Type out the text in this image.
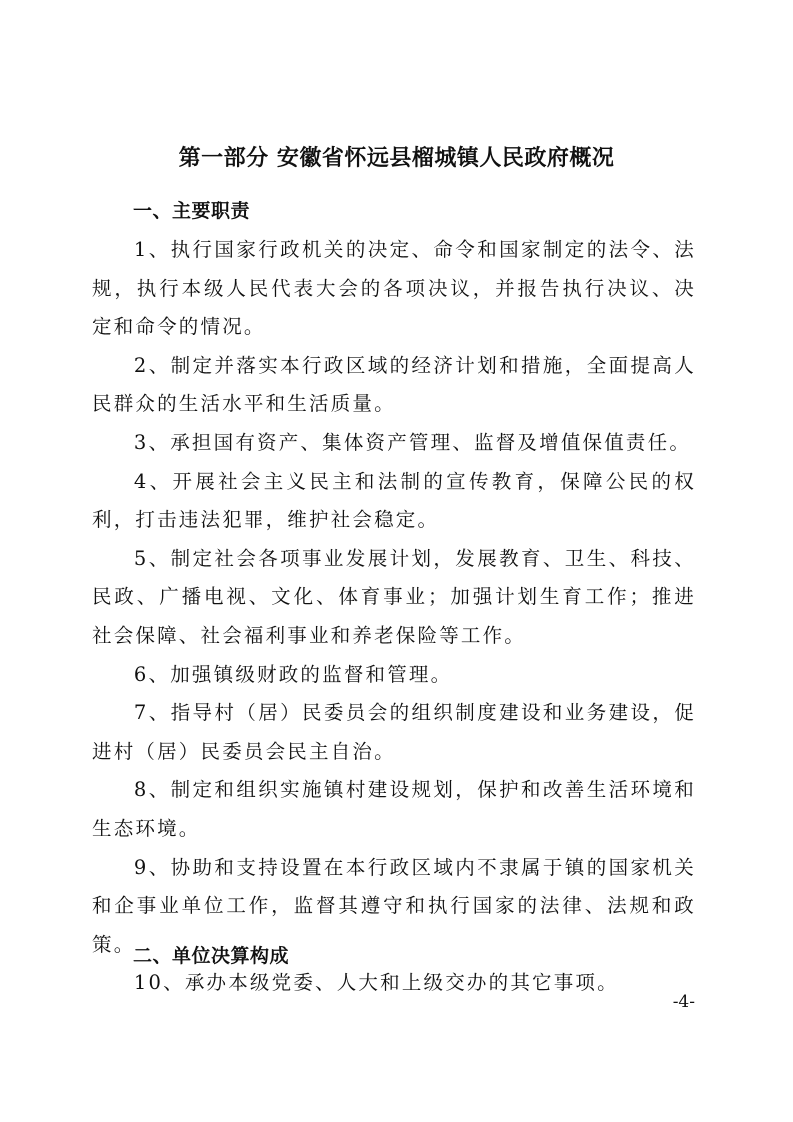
第一部分 安徽省怀远县榴城镇人民政府概况
一、主要职责

1、执行国家行政机关的决定、命令和国家制定的法令、法规，执行本级人民代表大会的各项决议，并报告执行决议、决定和命令的情况。

2、制定并落实本行政区域的经济计划和措施，全面提高人民群众的生活水平和生活质量。

3、承担国有资产、集体资产管理、监督及增值保值责任。

4、开展社会主义民主和法制的宣传教育，保障公民的权利，打击违法犯罪，维护社会稳定。

5、制定社会各项事业发展计划，发展教育、卫生、科技、民政、广播电视、文化、体育事业；加强计划生育工作；推进社会保障、社会福利事业和养老保险等工作。

6、加强镇级财政的监督和管理。

7、指导村（居）民委员会的组织制度建设和业务建设，促进村（居）民委员会民主自治。

8、制定和组织实施镇村建设规划，保护和改善生活环境和生态环境。

9、协助和支持设置在本行政区域内不隶属于镇的国家机关和企事业单位工作，监督其遵守和执行国家的法律、法规和政策。

10、承办本级党委、人大和上级交办的其它事项。

二、单位决算构成

-4-
